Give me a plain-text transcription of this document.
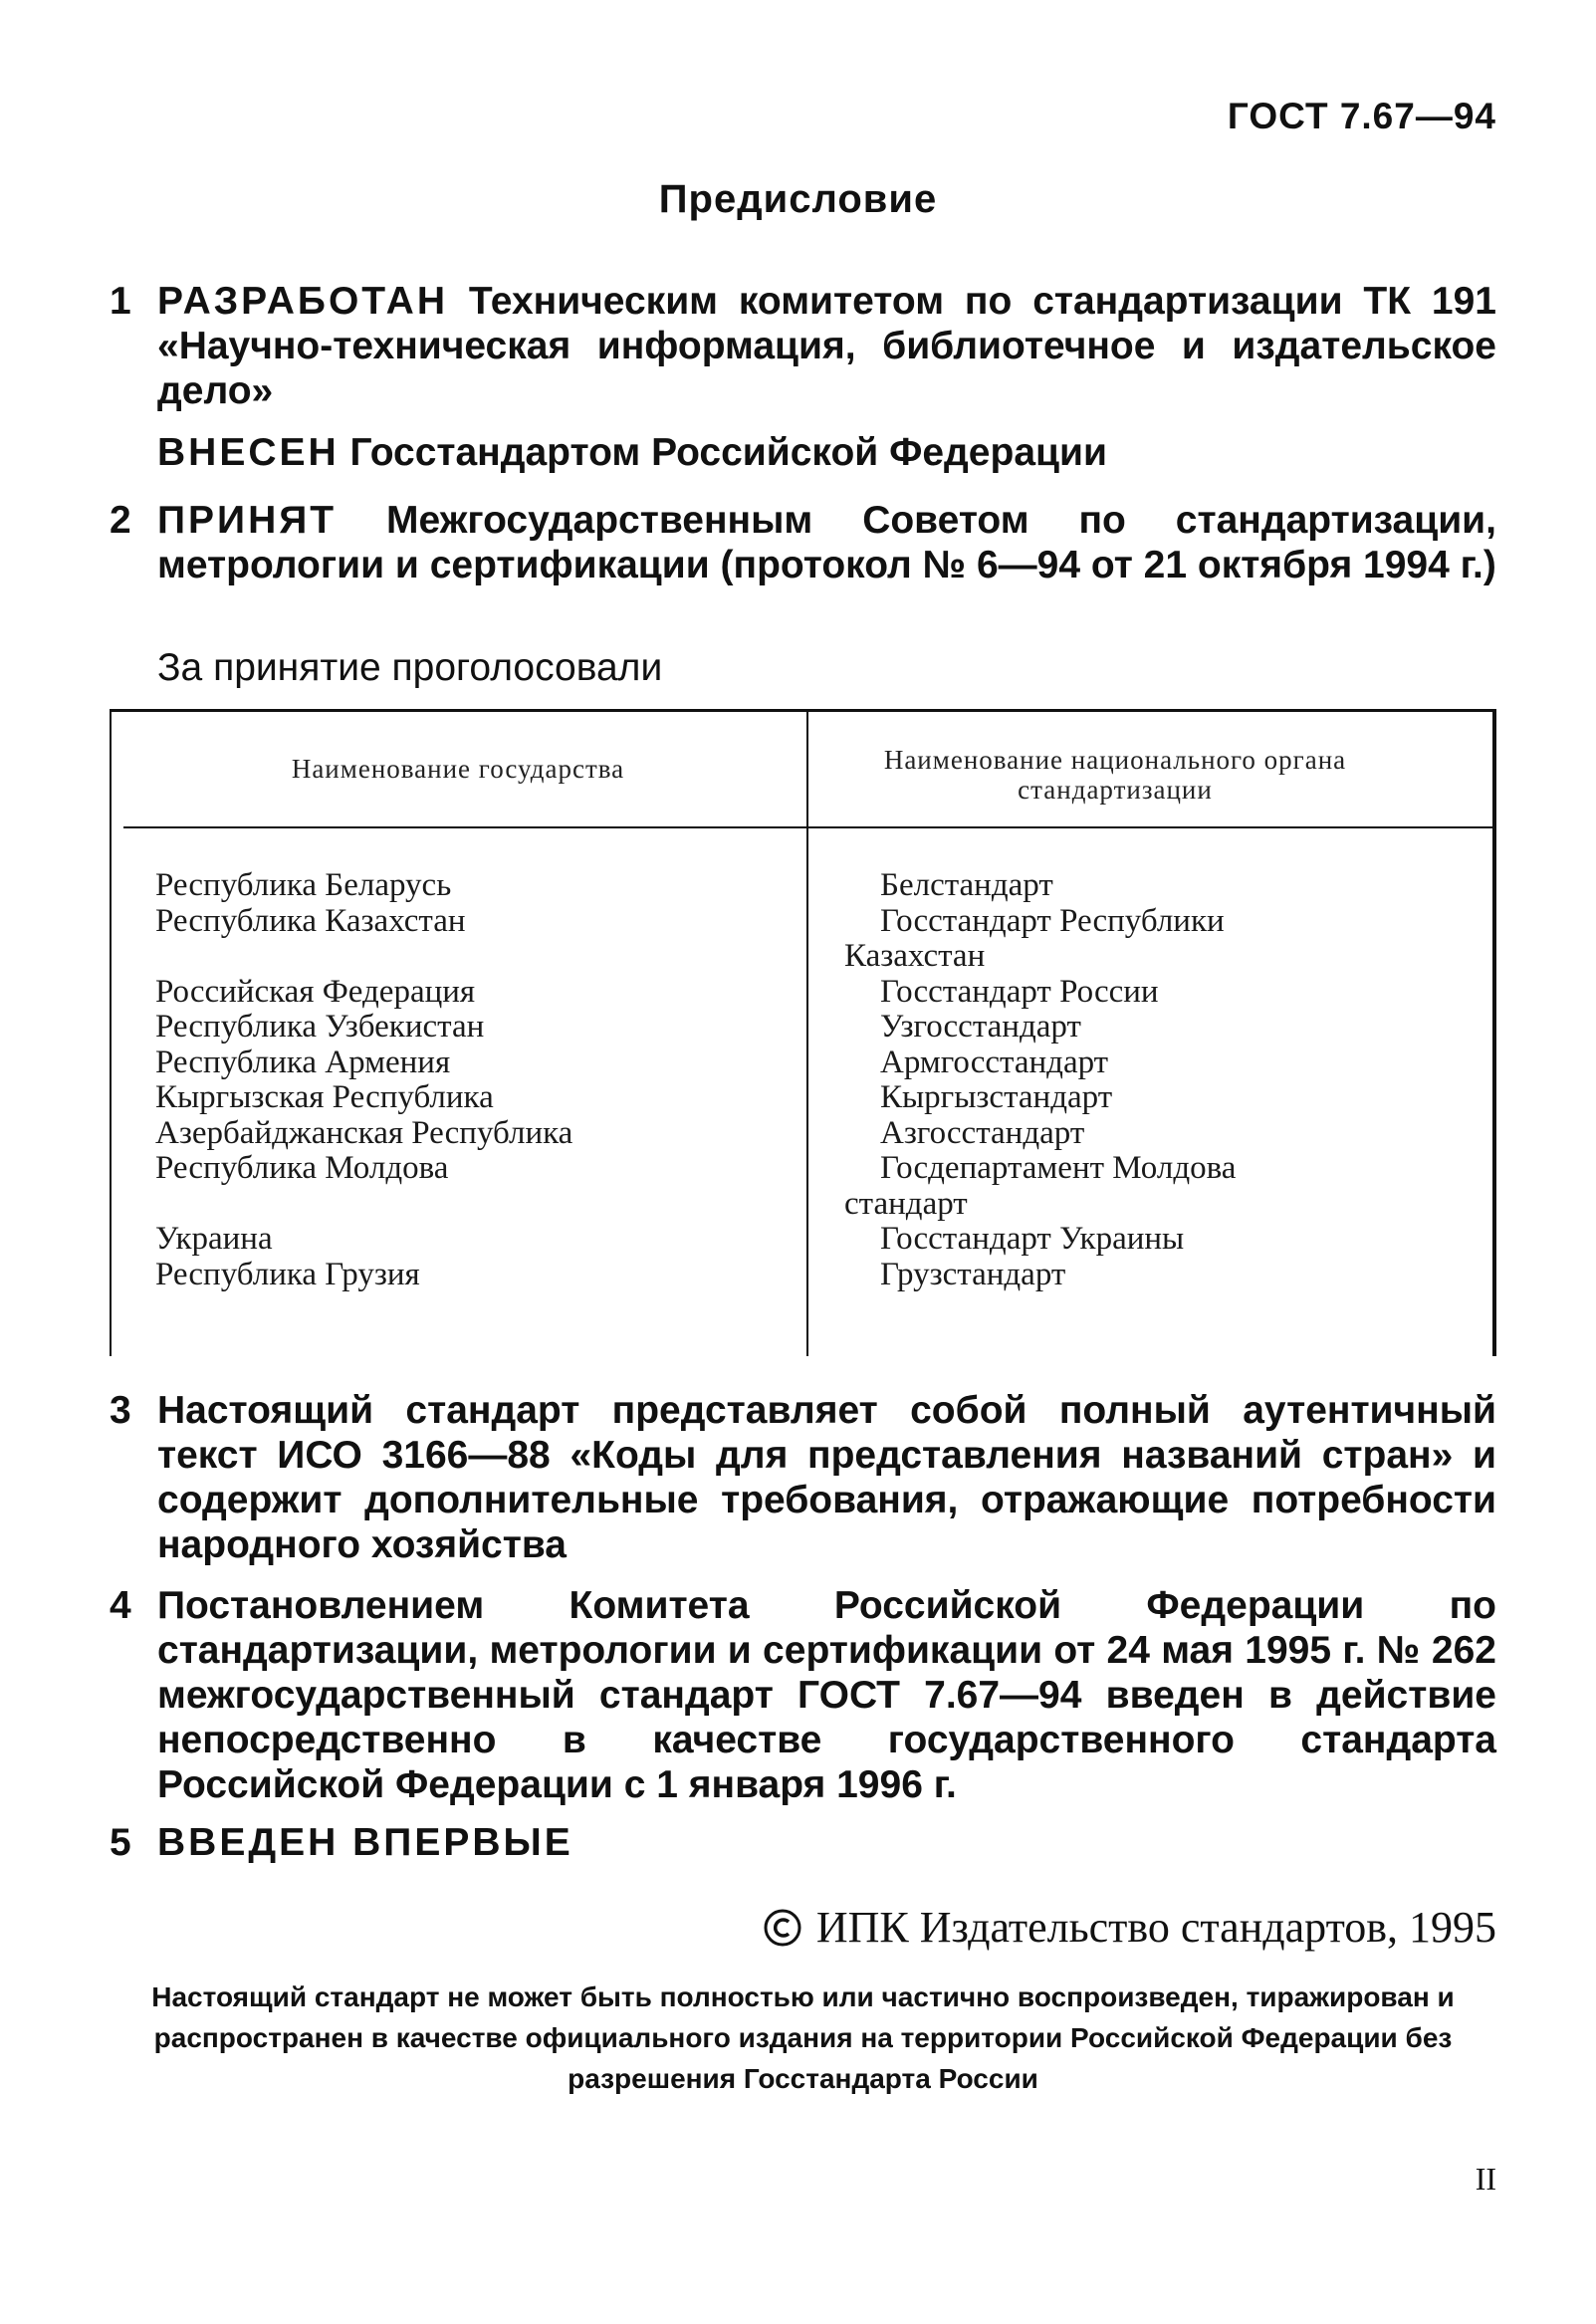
ГОСТ 7.67—94
Предисловие
1 РАЗРАБОТАН Техническим комитетом по стандартизации ТК 191 «Научно-техническая информация, библиотечное и издательское дело»
ВНЕСЕН Госстандартом Российской Федерации
2 ПРИНЯТ Межгосударственным Советом по стандартизации, метрологии и сертификации (протокол № 6—94 от 21 октября 1994 г.)
За принятие проголосовали
Наименование государства	Наименование национального органа стандартизации
Республика Беларусь
Республика Казахстан
Российская Федерация
Республика Узбекистан
Республика Армения
Кыргызская Республика
Азербайджанская Республика
Республика Молдова
Украина
Республика Грузия
Белстандарт
Госстандарт Республики
Казахстан
Госстандарт России
Узгосстандарт
Армгосстандарт
Кыргызстандарт
Азгосстандарт
Госдепартамент Молдова
стандарт
Госстандарт Украины
Грузстандарт
3 Настоящий стандарт представляет собой полный аутентичный текст ИСО 3166—88 «Коды для представления названий стран» и содержит дополнительные требования, отражающие потребности народного хозяйства
4 Постановлением Комитета Российской Федерации по стандартизации, метрологии и сертификации от 24 мая 1995 г. № 262 межгосударственный стандарт ГОСТ 7.67—94 введен в действие непосредственно в качестве государственного стандарта Российской Федерации с 1 января 1996 г.
5 ВВЕДЕН ВПЕРВЫЕ
ИПК Издательство стандартов, 1995
Настоящий стандарт не может быть полностью или частично воспроизведен, тиражирован и распространен в качестве официального издания на территории Российской Федерации без разрешения Госстандарта России
II
